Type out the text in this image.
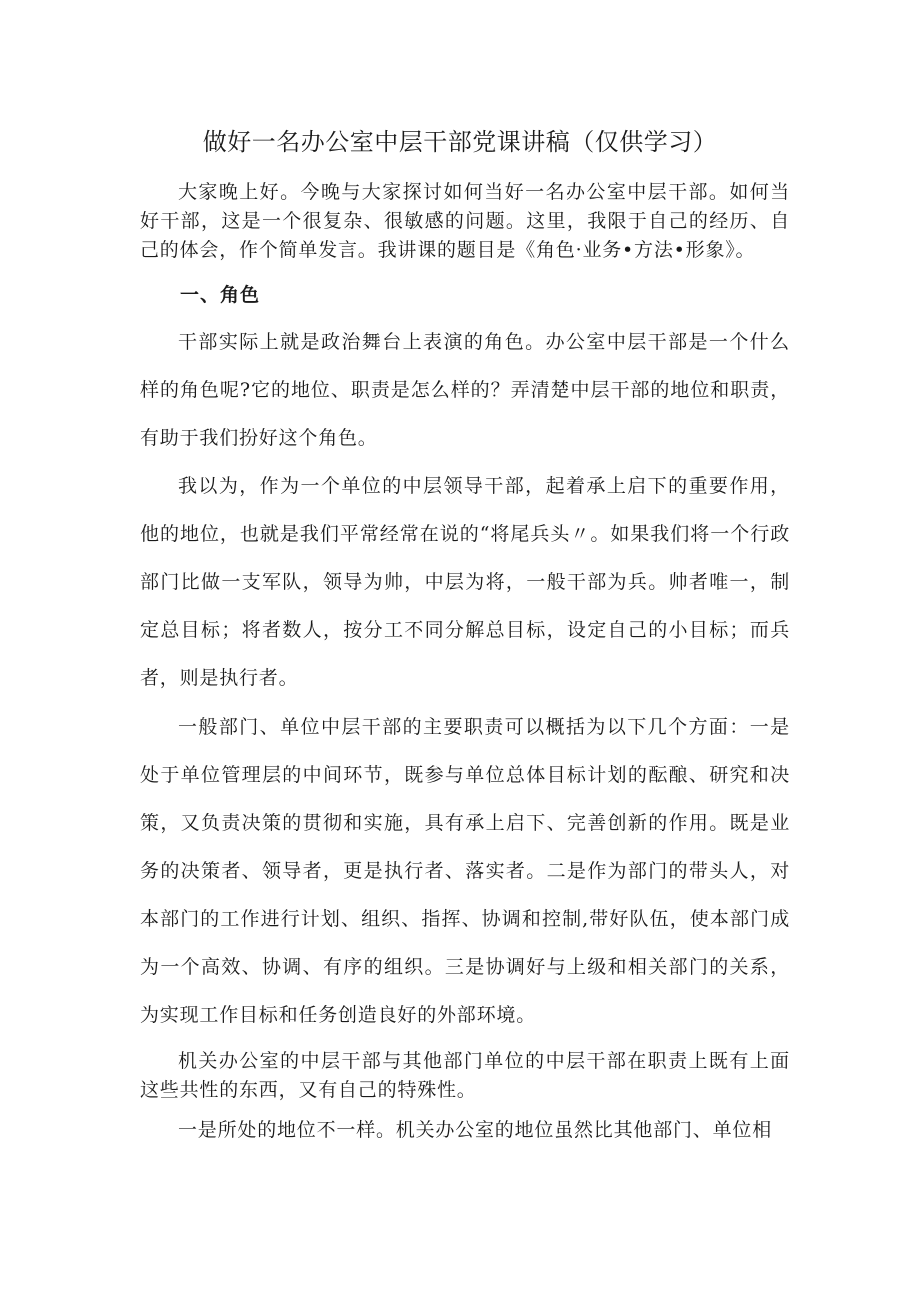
做好一名办公室中层干部党课讲稿（仅供学习）

大家晚上好。今晚与大家探讨如何当好一名办公室中层干部。如何当好干部，这是一个很复杂、很敏感的问题。这里，我限于自己的经历、自己的体会，作个简单发言。我讲课的题目是《角色·业务•方法•形象》。

一、角色

干部实际上就是政治舞台上表演的角色。办公室中层干部是一个什么样的角色呢?它的地位、职责是怎么样的？弄清楚中层干部的地位和职责，有助于我们扮好这个角色。

我以为，作为一个单位的中层领导干部，起着承上启下的重要作用，他的地位，也就是我们平常经常在说的“将尾兵头〃。如果我们将一个行政部门比做一支军队，领导为帅，中层为将，一般干部为兵。帅者唯一，制定总目标；将者数人，按分工不同分解总目标，设定自己的小目标；而兵者，则是执行者。

一般部门、单位中层干部的主要职责可以概括为以下几个方面：一是处于单位管理层的中间环节，既参与单位总体目标计划的酝酿、研究和决策，又负责决策的贯彻和实施，具有承上启下、完善创新的作用。既是业务的决策者、领导者，更是执行者、落实者。二是作为部门的带头人，对本部门的工作进行计划、组织、指挥、协调和控制,带好队伍，使本部门成为一个高效、协调、有序的组织。三是协调好与上级和相关部门的关系，为实现工作目标和任务创造良好的外部环境。

机关办公室的中层干部与其他部门单位的中层干部在职责上既有上面这些共性的东西，又有自己的特殊性。

一是所处的地位不一样。机关办公室的地位虽然比其他部门、单位相
